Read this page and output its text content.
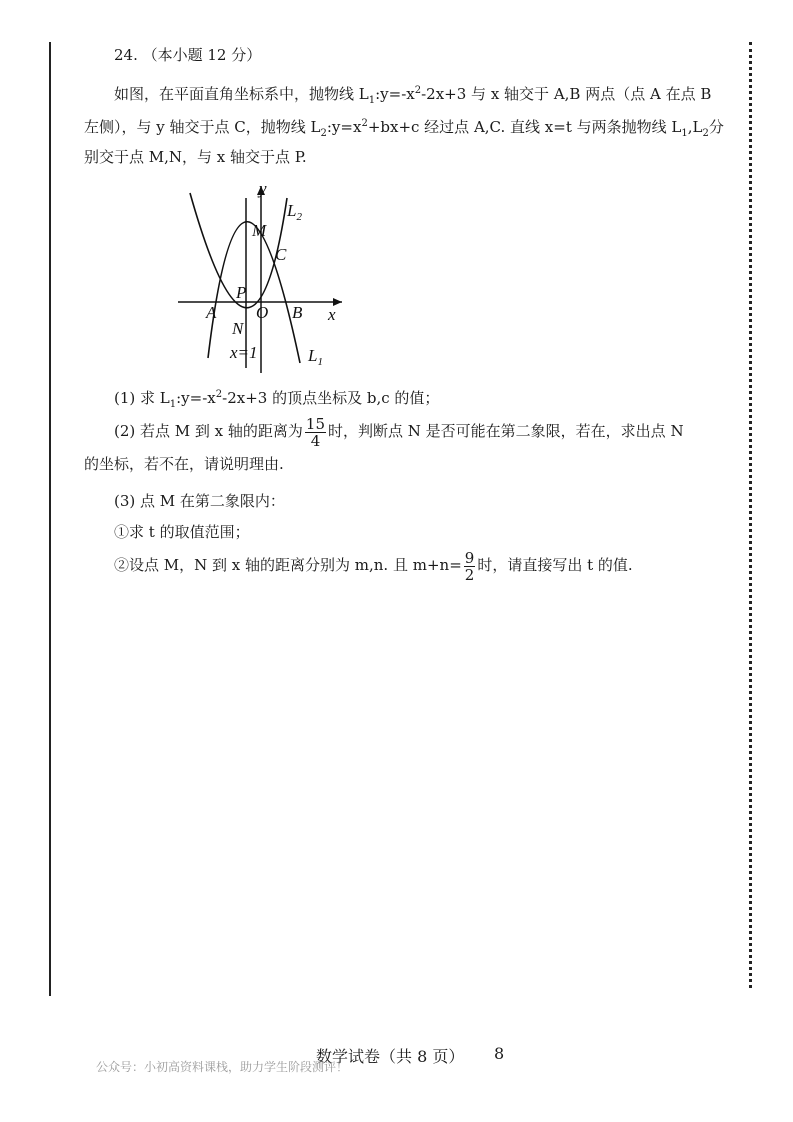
24. （本小题 12 分）
如图，在平面直角坐标系中，抛物线 $L_1:y=-x^2-2x+3$ 与 x 轴交于 A,B 两点（点 A 在点 B
左侧），与 y 轴交于点 C，抛物线 $L_2:y=x^2+bx+c$ 经过点 A,C. 直线 x=t 与两条抛物线 $L_1,L_2$分
别交于点 M,N，与 x 轴交于点 P.
y
x
$L_2$
M
C
P
A O B
N
x=1	$L_1$
(1) 求 $L_1:y=-x^2-2x+3$ 的顶点坐标及 b,c 的值；
(2) 若点 M 到 x 轴的距离为 $\frac{15}{4}$ 时，判断点 N 是否可能在第二象限，若在，求出点 N
的坐标，若不在，请说明理由.
(3) 点 M 在第二象限内：
①求 t 的取值范围；
②设点 M，N 到 x 轴的距离分别为 m,n. 且 $m+n= \frac{9}{2}$ 时，请直接写出 t 的值.
数学试卷（共 8 页） 8
公众号：小初高资料课栈，助力学生阶段测评！
